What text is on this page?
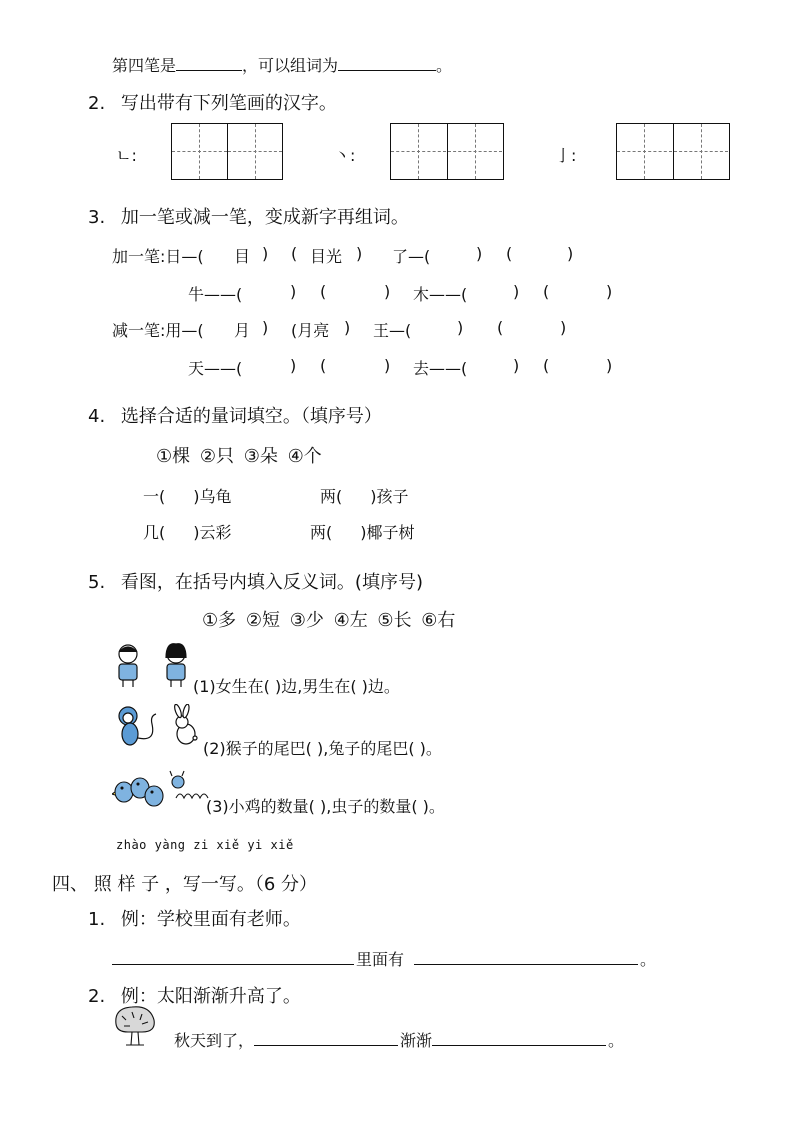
第四笔是	，可以组词为	。
2. 写出带有下列笔画的汉字。
ㄴ:	丶:	亅:
3. 加一笔或减一笔，变成新字再组词。
加一笔:日—( 目 ) ( 目光 ) 了—(	) (	)
牛——(	) (	) 木——(	) (	)
减一笔:用—( 月 ) (月亮 ) 王—(	) (	)
天——(	) (	) 去——(	) (	)
4. 选择合适的量词填空。（填序号）
①棵 ②只 ③朵 ④个
一( )乌龟	两( )孩子
几( )云彩	两( )椰子树
5. 看图，在括号内填入反义词。(填序号)
①多 ②短 ③少 ④左 ⑤长 ⑥右
(1)女生在( )边,男生在( )边。
(2)猴子的尾巴( ),兔子的尾巴( )。
(3)小鸡的数量( ),虫子的数量( )。
zhào yàng zi xiě yi xiě
四、 照 样 子 ，写一写。（6 分）
1. 例：学校里面有老师。
里面有	。
2. 例：太阳渐渐升高了。
秋天到了，	渐渐	。
